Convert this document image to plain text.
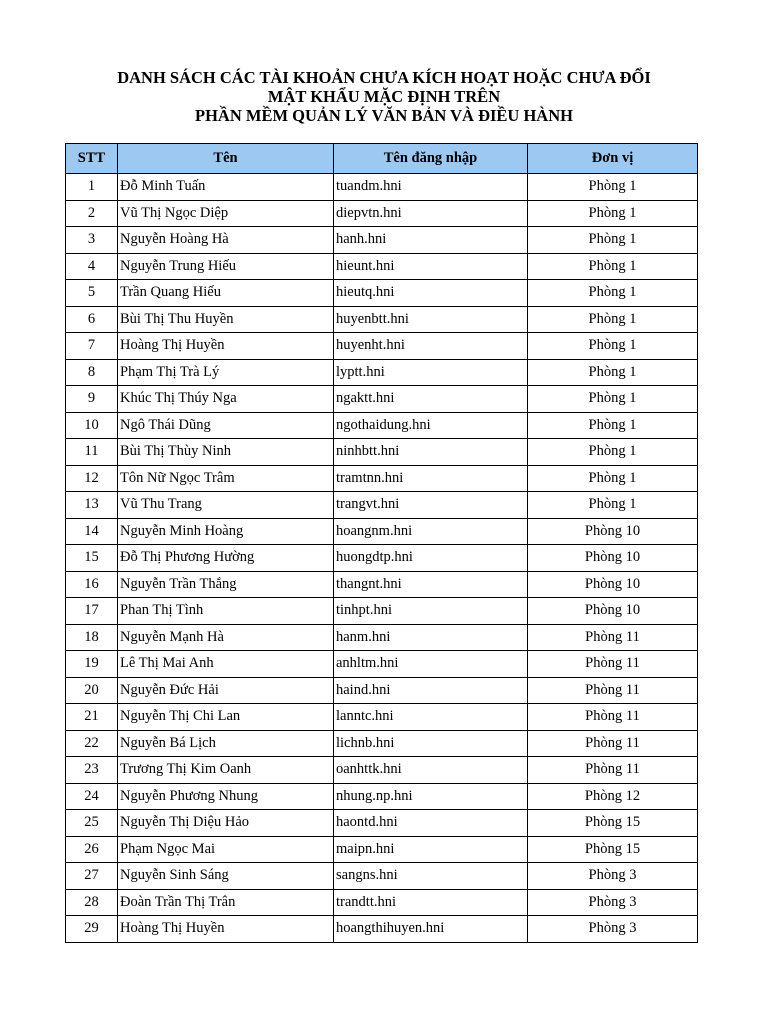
DANH SÁCH CÁC TÀI KHOẢN CHƯA KÍCH HOẠT HOẶC CHƯA ĐỔI
MẬT KHẨU MẶC ĐỊNH TRÊN
PHẦN MỀM QUẢN LÝ VĂN BẢN VÀ ĐIỀU HÀNH
STT	Tên	Tên đăng nhập	Đơn vị
1	Đỗ Minh Tuấn	tuandm.hni	Phòng 1
2	Vũ Thị Ngọc Diệp	diepvtn.hni	Phòng 1
3	Nguyễn Hoàng Hà	hanh.hni	Phòng 1
4	Nguyễn Trung Hiếu	hieunt.hni	Phòng 1
5	Trần Quang Hiếu	hieutq.hni	Phòng 1
6	Bùi Thị Thu Huyền	huyenbtt.hni	Phòng 1
7	Hoàng Thị Huyền	huyenht.hni	Phòng 1
8	Phạm Thị Trà Lý	lyptt.hni	Phòng 1
9	Khúc Thị Thúy Nga	ngaktt.hni	Phòng 1
10	Ngô Thái Dũng	ngothaidung.hni	Phòng 1
11	Bùi Thị Thùy Ninh	ninhbtt.hni	Phòng 1
12	Tôn Nữ Ngọc Trâm	tramtnn.hni	Phòng 1
13	Vũ Thu Trang	trangvt.hni	Phòng 1
14	Nguyễn Minh Hoàng	hoangnm.hni	Phòng 10
15	Đỗ Thị Phương Hường	huongdtp.hni	Phòng 10
16	Nguyễn Trần Thắng	thangnt.hni	Phòng 10
17	Phan Thị Tình	tinhpt.hni	Phòng 10
18	Nguyễn Mạnh Hà	hanm.hni	Phòng 11
19	Lê Thị Mai Anh	anhltm.hni	Phòng 11
20	Nguyễn Đức Hải	haind.hni	Phòng 11
21	Nguyễn Thị Chi Lan	lanntc.hni	Phòng 11
22	Nguyễn Bá Lịch	lichnb.hni	Phòng 11
23	Trương Thị Kim Oanh	oanhttk.hni	Phòng 11
24	Nguyễn Phương Nhung	nhung.np.hni	Phòng 12
25	Nguyễn Thị Diệu Hảo	haontd.hni	Phòng 15
26	Phạm Ngọc Mai	maipn.hni	Phòng 15
27	Nguyễn Sinh Sáng	sangns.hni	Phòng 3
28	Đoàn Trần Thị Trân	trandtt.hni	Phòng 3
29	Hoàng Thị Huyền	hoangthihuyen.hni	Phòng 3
